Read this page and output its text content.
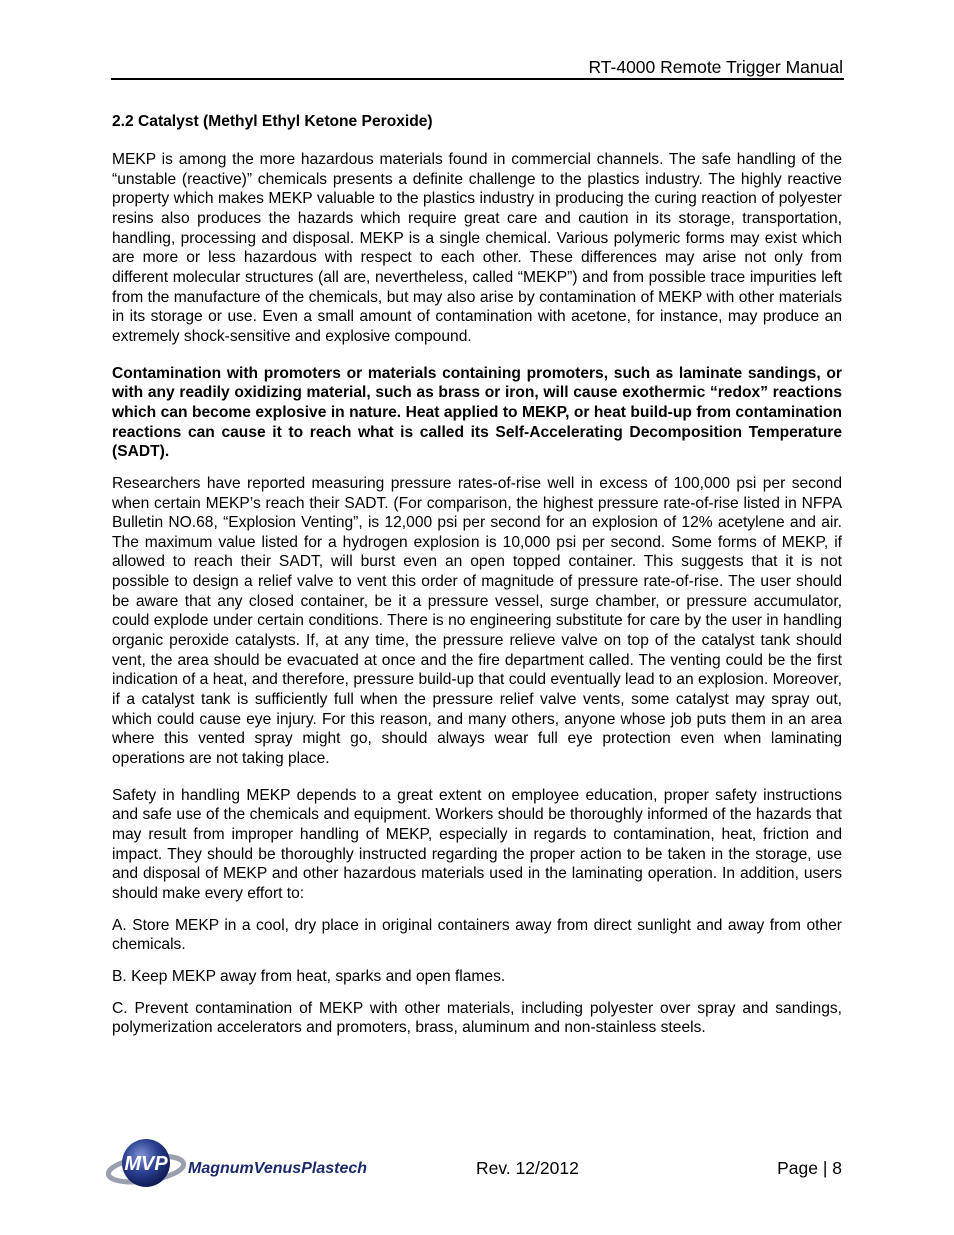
RT-4000 Remote Trigger Manual
2.2 Catalyst (Methyl Ethyl Ketone Peroxide)

MEKP is among the more hazardous materials found in commercial channels. The safe handling of the “unstable (reactive)” chemicals presents a definite challenge to the plastics industry. The highly reactive property which makes MEKP valuable to the plastics industry in producing the curing reaction of polyester resins also produces the hazards which require great care and caution in its storage, transportation, handling, processing and disposal. MEKP is a single chemical. Various polymeric forms may exist which are more or less hazardous with respect to each other. These differences may arise not only from different molecular structures (all are, nevertheless, called “MEKP”) and from possible trace impurities left from the manufacture of the chemicals, but may also arise by contamination of MEKP with other materials in its storage or use. Even a small amount of contamination with acetone, for instance, may produce an extremely shock-sensitive and explosive compound.

Contamination with promoters or materials containing promoters, such as laminate sandings, or with any readily oxidizing material, such as brass or iron, will cause exothermic “redox” reactions which can become explosive in nature. Heat applied to MEKP, or heat build-up from contamination reactions can cause it to reach what is called its Self-Accelerating Decomposition Temperature (SADT).

Researchers have reported measuring pressure rates-of-rise well in excess of 100,000 psi per second when certain MEKP’s reach their SADT. (For comparison, the highest pressure rate-of-rise listed in NFPA Bulletin NO.68, “Explosion Venting”, is 12,000 psi per second for an explosion of 12% acetylene and air. The maximum value listed for a hydrogen explosion is 10,000 psi per second. Some forms of MEKP, if allowed to reach their SADT, will burst even an open topped container. This suggests that it is not possible to design a relief valve to vent this order of magnitude of pressure rate-of-rise. The user should be aware that any closed container, be it a pressure vessel, surge chamber, or pressure accumulator, could explode under certain conditions. There is no engineering substitute for care by the user in handling organic peroxide catalysts. If, at any time, the pressure relieve valve on top of the catalyst tank should vent, the area should be evacuated at once and the fire department called. The venting could be the first indication of a heat, and therefore, pressure build-up that could eventually lead to an explosion. Moreover, if a catalyst tank is sufficiently full when the pressure relief valve vents, some catalyst may spray out, which could cause eye injury. For this reason, and many others, anyone whose job puts them in an area where this vented spray might go, should always wear full eye protection even when laminating operations are not taking place.

Safety in handling MEKP depends to a great extent on employee education, proper safety instructions and safe use of the chemicals and equipment. Workers should be thoroughly informed of the hazards that may result from improper handling of MEKP, especially in regards to contamination, heat, friction and impact. They should be thoroughly instructed regarding the proper action to be taken in the storage, use and disposal of MEKP and other hazardous materials used in the laminating operation. In addition, users should make every effort to:

A. Store MEKP in a cool, dry place in original containers away from direct sunlight and away from other chemicals.

B. Keep MEKP away from heat, sparks and open flames.

C. Prevent contamination of MEKP with other materials, including polyester over spray and sandings, polymerization accelerators and promoters, brass, aluminum and non-stainless steels.

MVP MagnumVenusPlastech	Rev. 12/2012	Page | 8
